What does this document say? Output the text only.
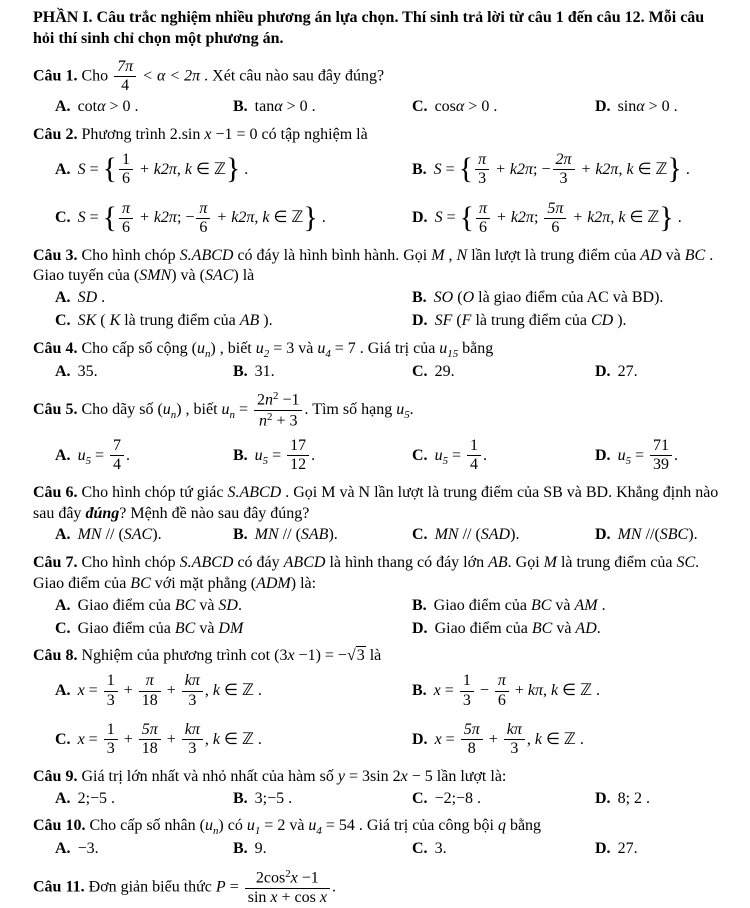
PHẦN I. Câu trắc nghiệm nhiều phương án lựa chọn. Thí sinh trả lời từ câu 1 đến câu 12. Mỗi câu hỏi thí sinh chỉ chọn một phương án.
Câu 1. Cho $\frac{7\pi}{4} < \alpha < 2\pi$ . Xét câu nào sau đây đúng?
A. cotα > 0 .	B. tanα > 0 .	C. cosα > 0 .	D. sinα > 0 .
Câu 2. Phương trình 2.sin x −1 = 0 có tập nghiệm là
A. S = { $\frac{1}{6} + k2\pi$, k ∈ ℤ} .	B. S = { $\frac{\pi}{3} + k2\pi$; − $\frac{2\pi}{3} + k2\pi$, k ∈ ℤ} .
C. S = { $\frac{\pi}{6} + k2\pi$; − $\frac{\pi}{6} + k2\pi$, k ∈ ℤ} .	D. S = { $\frac{\pi}{6} + k2\pi$; $\frac{5\pi}{6} + k2\pi$, k ∈ ℤ} .
Câu 3. Cho hình chóp S.ABCD có đáy là hình bình hành. Gọi M , N lần lượt là trung điểm của AD và BC . Giao tuyến của (SMN) và (SAC) là
A. SD .	B. SO (O là giao điểm của AC và BD).
C. SK ( K là trung điểm của AB ).	D. SF (F là trung điểm của CD ).
Câu 4. Cho cấp số cộng $(u_n)$ , biết $u_2 = 3$ và $u_4 = 7$ . Giá trị của $u_{15}$ bằng
A. 35.	B. 31.	C. 29.	D. 27.
Câu 5. Cho dãy số $(u_n)$ , biết $u_n = \frac{2n^2 -1}{n^2 + 3}$ . Tìm số hạng $u_5$.
A. $u_5 = \frac{7}{4}$ .	B. $u_5 = \frac{17}{12}$ .	C. $u_5 = \frac{1}{4}$ .	D. $u_5 = \frac{71}{39}$ .
Câu 6. Cho hình chóp tứ giác S.ABCD . Gọi M và N lần lượt là trung điểm của SB và BD. Khẳng định nào sau đây đúng? Mệnh đề nào sau đây đúng?
A. MN // (SAC).	B. MN // (SAB).	C. MN // (SAD).	D. MN //(SBC).
Câu 7. Cho hình chóp S.ABCD có đáy ABCD là hình thang có đáy lớn AB. Gọi M là trung điểm của SC. Giao điểm của BC với mặt phẳng (ADM) là:
A. Giao điểm của BC và SD.	B. Giao điểm của BC và AM .
C. Giao điểm của BC và DM	D. Giao điểm của BC và AD.
Câu 8. Nghiệm của phương trình cot (3x −1) = −√3 là
A. $x = \frac{1}{3} + \frac{\pi}{18} + \frac{k\pi}{3}$ , k ∈ ℤ .	B. $x = \frac{1}{3} - \frac{\pi}{6} + k\pi$, k ∈ ℤ .
C. $x = \frac{1}{3} + \frac{5\pi}{18} + \frac{k\pi}{3}$ , k ∈ ℤ .	D. $x = \frac{5\pi}{8} + \frac{k\pi}{3}$ , k ∈ ℤ .
Câu 9. Giá trị lớn nhất và nhỏ nhất của hàm số y = 3sin 2x − 5 lần lượt là:
A. 2;−5 .	B. 3;−5 .	C. −2;−8 .	D. 8; 2 .
Câu 10. Cho cấp số nhân $(u_n)$ có $u_1 = 2$ và $u_4 = 54$ . Giá trị của công bội q bằng
A. −3.	B. 9.	C. 3.	D. 27.
Câu 11. Đơn giản biểu thức $P = \frac{2\cos^2x -1}{\text{sin x + cos x}}$ .
